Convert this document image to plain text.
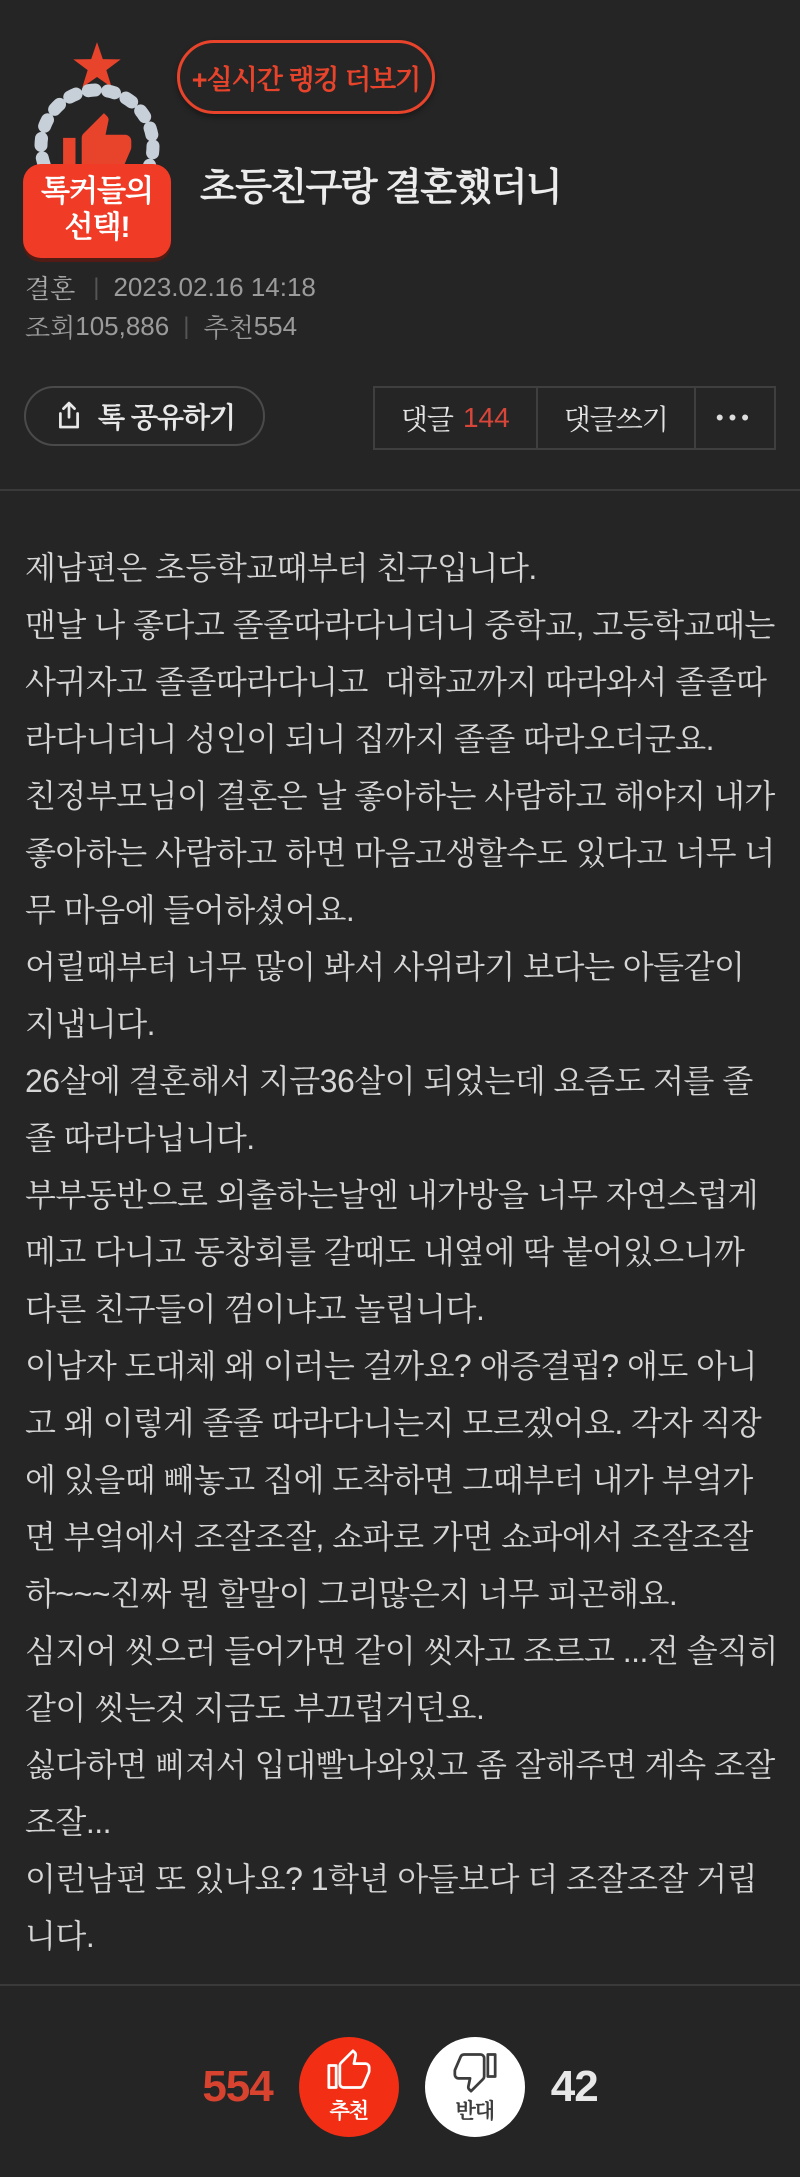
톡커들의
선택!
+실시간 랭킹 더보기
초등친구랑 결혼했더니
결혼 | 2023.02.16 14:18
조회 105,886 | 추천 554
톡 공유하기	댓글 144 댓글쓰기 •••

제남편은 초등학교때부터 친구입니다.

맨날 나 좋다고 졸졸따라다니더니 중학교, 고등학교때는 사귀자고 졸졸따라다니고  대학교까지 따라와서 졸졸따라다니더니 성인이 되니 집까지 졸졸 따라오더군요.

친정부모님이 결혼은 날 좋아하는 사람하고 해야지 내가 좋아하는 사람하고 하면 마음고생할수도 있다고 너무 너무 마음에 들어하셨어요.

어릴때부터 너무 많이 봐서 사위라기 보다는 아들같이 지냅니다.

26살에 결혼해서 지금36살이 되었는데 요즘도 저를 졸졸 따라다닙니다.

부부동반으로 외출하는날엔 내가방을 너무 자연스럽게 메고 다니고 동창회를 갈때도 내옆에 딱 붙어있으니까 다른 친구들이 껌이냐고 놀립니다.

이남자 도대체 왜 이러는 걸까요? 애증결핍? 애도 아니고 왜 이렇게 졸졸 따라다니는지 모르겠어요. 각자 직장에 있을때 빼놓고 집에 도착하면 그때부터 내가 부엌가면 부엌에서 조잘조잘, 쇼파로 가면 쇼파에서 조잘조잘 하~~~진짜 뭔 할말이 그리많은지 너무 피곤해요.

심지어 씻으러 들어가면 같이 씻자고 조르고 ...전 솔직히 같이 씻는것 지금도 부끄럽거던요.

싫다하면 삐져서 입대빨나와있고 좀 잘해주면 계속 조잘조잘...

이런남편 또 있나요? 1학년 아들보다 더 조잘조잘 거립니다.

554
추천	반대
42
